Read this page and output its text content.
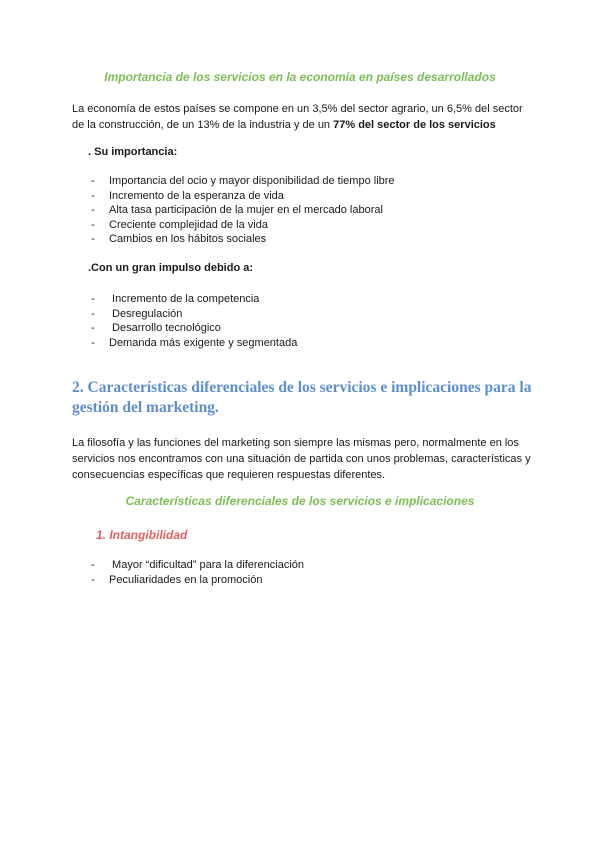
Importancia de los servicios en la economía en países desarrollados
La economía de estos países se compone en un 3,5% del sector agrario, un 6,5% del sector de la construcción, de un 13% de la industria y de un 77% del sector de los servicios
. Su importancia:
- Importancia del ocio y mayor disponibilidad de tiempo libre
- Incremento de la esperanza de vida
- Alta tasa participación de la mujer en el mercado laboral
- Creciente complejidad de la vida
- Cambios en los hábitos sociales
.Con un gran impulso debido a:
- Incremento de la competencia
- Desregulación
- Desarrollo tecnológico
- Demanda más exigente y segmentada
2. Características diferenciales de los servicios e implicaciones para la gestión del marketing.
La filosofía y las funciones del marketing son siempre las mismas pero, normalmente en los servicios nos encontramos con una situación de partida con unos problemas, características y consecuencias específicas que requieren respuestas diferentes.
Características diferenciales de los servicios e implicaciones
1. Intangibilidad
- Mayor “dificultad” para la diferenciación
- Peculiaridades en la promoción
